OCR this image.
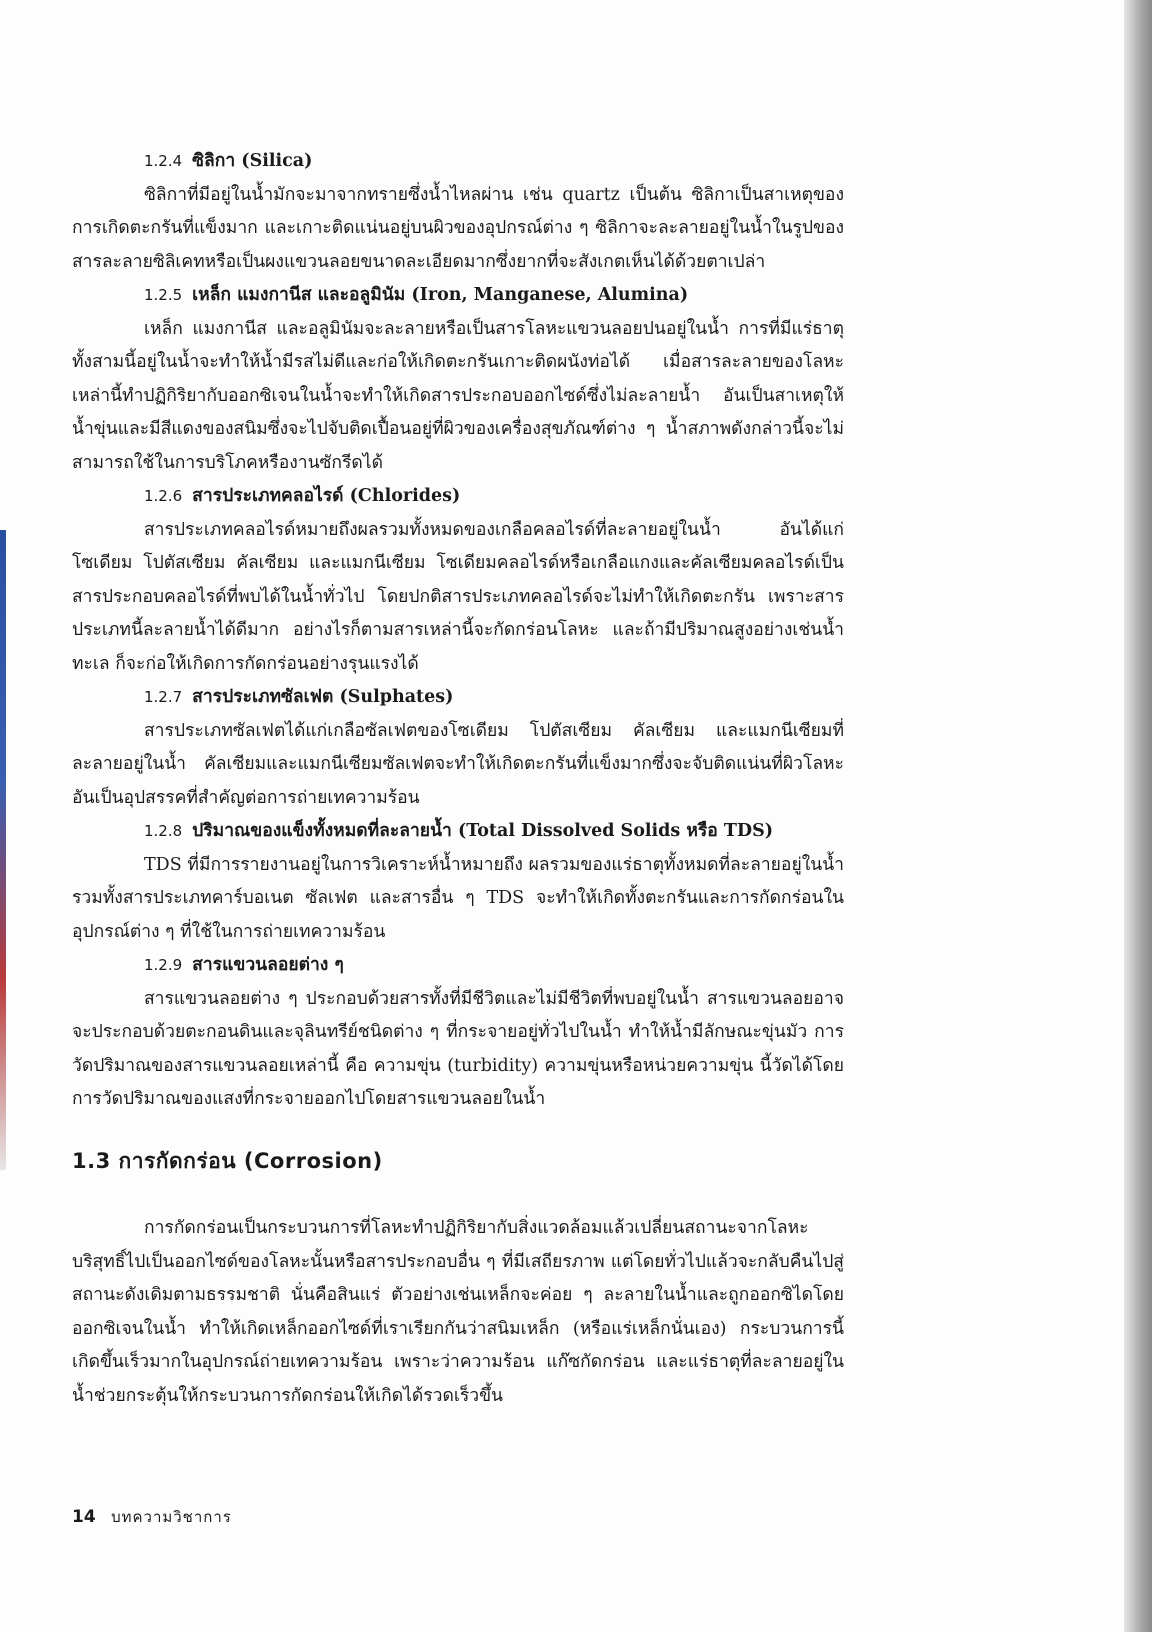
1.2.4 ซิลิกา (Silica)

ซิลิกาที่มีอยู่ในน้ำมักจะมาจากทรายซึ่งน้ำไหลผ่าน เช่น quartz เป็นต้น ซิลิกาเป็นสาเหตุของการเกิดตะกรันที่แข็งมาก และเกาะติดแน่นอยู่บนผิวของอุปกรณ์ต่าง ๆ ซิลิกาจะละลายอยู่ในน้ำในรูปของสารละลายซิลิเคทหรือเป็นผงแขวนลอยขนาดละเอียดมากซึ่งยากที่จะสังเกตเห็นได้ด้วยตาเปล่า

1.2.5 เหล็ก แมงกานีส และอลูมินัม (Iron, Manganese, Alumina)

เหล็ก แมงกานีส และอลูมินัมจะละลายหรือเป็นสารโลหะแขวนลอยปนอยู่ในน้ำ การที่มีแร่ธาตุทั้งสามนี้อยู่ในน้ำจะทำให้น้ำมีรสไม่ดีและก่อให้เกิดตะกรันเกาะติดผนังท่อได้ เมื่อสารละลายของโลหะเหล่านี้ทำปฏิกิริยากับออกซิเจนในน้ำจะทำให้เกิดสารประกอบออกไซด์ซึ่งไม่ละลายน้ำ อันเป็นสาเหตุให้น้ำขุ่นและมีสีแดงของสนิมซึ่งจะไปจับติดเปื้อนอยู่ที่ผิวของเครื่องสุขภัณฑ์ต่าง ๆ น้ำสภาพดังกล่าวนี้จะไม่สามารถใช้ในการบริโภคหรืองานซักรีดได้

1.2.6 สารประเภทคลอไรด์ (Chlorides)

สารประเภทคลอไรด์หมายถึงผลรวมทั้งหมดของเกลือคลอไรด์ที่ละลายอยู่ในน้ำ อันได้แก่ โซเดียม โปตัสเซียม คัลเซียม และแมกนีเซียม โซเดียมคลอไรด์หรือเกลือแกงและคัลเซียมคลอไรด์เป็นสารประกอบคลอไรด์ที่พบได้ในน้ำทั่วไป โดยปกติสารประเภทคลอไรด์จะไม่ทำให้เกิดตะกรัน เพราะสารประเภทนี้ละลายน้ำได้ดีมาก อย่างไรก็ตามสารเหล่านี้จะกัดกร่อนโลหะ และถ้ามีปริมาณสูงอย่างเช่นน้ำทะเล ก็จะก่อให้เกิดการกัดกร่อนอย่างรุนแรงได้

1.2.7 สารประเภทซัลเฟต (Sulphates)

สารประเภทซัลเฟตได้แก่เกลือซัลเฟตของโซเดียม โปตัสเซียม คัลเซียม และแมกนีเซียมที่ละลายอยู่ในน้ำ คัลเซียมและแมกนีเซียมซัลเฟตจะทำให้เกิดตะกรันที่แข็งมากซึ่งจะจับติดแน่นที่ผิวโลหะ อันเป็นอุปสรรคที่สำคัญต่อการถ่ายเทความร้อน

1.2.8 ปริมาณของแข็งทั้งหมดที่ละลายน้ำ (Total Dissolved Solids หรือ TDS)

TDS ที่มีการรายงานอยู่ในการวิเคราะห์น้ำหมายถึง ผลรวมของแร่ธาตุทั้งหมดที่ละลายอยู่ในน้ำรวมทั้งสารประเภทคาร์บอเนต ซัลเฟต และสารอื่น ๆ TDS จะทำให้เกิดทั้งตะกรันและการกัดกร่อนในอุปกรณ์ต่าง ๆ ที่ใช้ในการถ่ายเทความร้อน

1.2.9 สารแขวนลอยต่าง ๆ

สารแขวนลอยต่าง ๆ ประกอบด้วยสารทั้งที่มีชีวิตและไม่มีชีวิตที่พบอยู่ในน้ำ สารแขวนลอยอาจจะประกอบด้วยตะกอนดินและจุลินทรีย์ชนิดต่าง ๆ ที่กระจายอยู่ทั่วไปในน้ำ ทำให้น้ำมีลักษณะขุ่นมัว การวัดปริมาณของสารแขวนลอยเหล่านี้ คือ ความขุ่น (turbidity) ความขุ่นหรือหน่วยความขุ่น นี้วัดได้โดยการวัดปริมาณของแสงที่กระจายออกไปโดยสารแขวนลอยในน้ำ

1.3 การกัดกร่อน (Corrosion)

การกัดกร่อนเป็นกระบวนการที่โลหะทำปฏิกิริยากับสิ่งแวดล้อมแล้วเปลี่ยนสถานะจากโลหะบริสุทธิ์ไปเป็นออกไซด์ของโลหะนั้นหรือสารประกอบอื่น ๆ ที่มีเสถียรภาพ แต่โดยทั่วไปแล้วจะกลับคืนไปสู่สถานะดังเดิมตามธรรมชาติ นั่นคือสินแร่ ตัวอย่างเช่นเหล็กจะค่อย ๆ ละลายในน้ำและถูกออกซิไดโดยออกซิเจนในน้ำ ทำให้เกิดเหล็กออกไซด์ที่เราเรียกกันว่าสนิมเหล็ก (หรือแร่เหล็กนั่นเอง) กระบวนการนี้เกิดขึ้นเร็วมากในอุปกรณ์ถ่ายเทความร้อน เพราะว่าความร้อน แก๊ซกัดกร่อน และแร่ธาตุที่ละลายอยู่ในน้ำช่วยกระตุ้นให้กระบวนการกัดกร่อนให้เกิดได้รวดเร็วขึ้น

14 บทความวิชาการ
